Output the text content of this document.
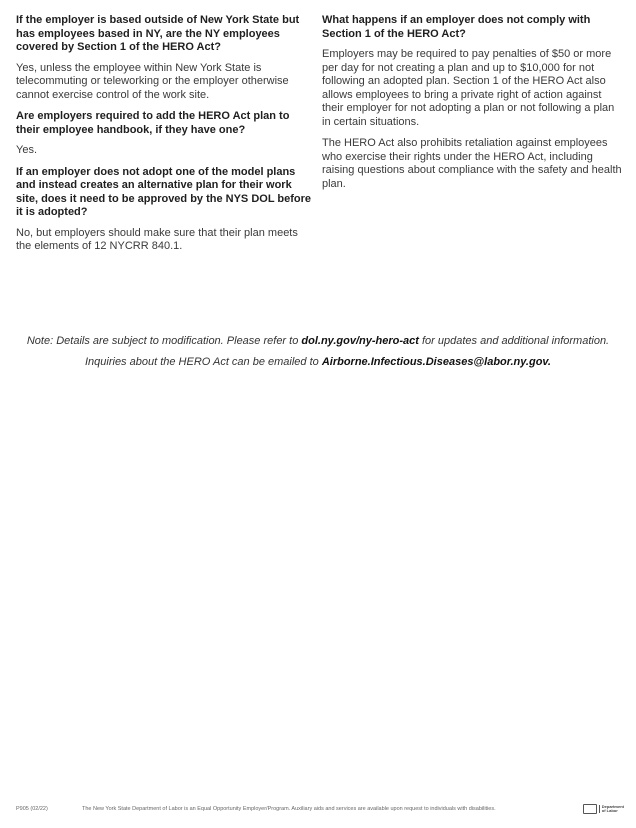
If the employer is based outside of New York State but has employees based in NY, are the NY employees covered by Section 1 of the HERO Act?

Yes, unless the employee within New York State is telecommuting or teleworking or the employer otherwise cannot exercise control of the work site.

Are employers required to add the HERO Act plan to their employee handbook, if they have one?

Yes.

If an employer does not adopt one of the model plans and instead creates an alternative plan for their work site, does it need to be approved by the NYS DOL before it is adopted?

No, but employers should make sure that their plan meets the elements of 12 NYCRR 840.1.

What happens if an employer does not comply with Section 1 of the HERO Act?

Employers may be required to pay penalties of $50 or more per day for not creating a plan and up to $10,000 for not following an adopted plan. Section 1 of the HERO Act also allows employees to bring a private right of action against their employer for not adopting a plan or not following a plan in certain situations.

The HERO Act also prohibits retaliation against employees who exercise their rights under the HERO Act, including raising questions about compliance with the safety and health plan.

Note: Details are subject to modification. Please refer to dol.ny.gov/ny-hero-act for updates and additional information.
Inquiries about the HERO Act can be emailed to Airborne.Infectious.Diseases@labor.ny.gov.
P905 (02/22)	The New York State Department of Labor is an Equal Opportunity Employer/Program. Auxiliary aids and services are available upon request to individuals with disabilities.	Department
of Labor
